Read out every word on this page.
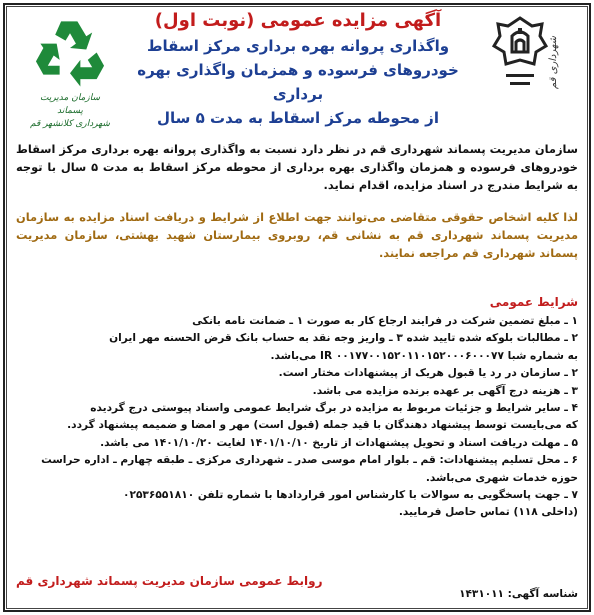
سازمان مدیریت پسماند
شهرداری کلانشهر قم
شهرداری قم
آگهی مزایده عمومی (نوبت اول)
واگذاری پروانه بهره برداری مرکز اسقاط
خودروهای فرسوده و همزمان واگذاری بهره برداری
از محوطه مرکز اسقاط به مدت ۵ سال
سازمان مدیریت پسماند شهرداری قم در نظر دارد نسبت به واگذاری پروانه بهره برداری مرکز اسقاط خودروهای فرسوده و همزمان واگذاری بهره برداری از محوطه مرکز اسقاط به مدت ۵ سال با توجه به شرایط مندرج در اسناد مزایده، اقدام نماید.
لذا کلیه اشخاص حقوقی متقاضی می‌توانند جهت اطلاع از شرایط و دریافت اسناد مزایده به سازمان مدیریت پسماند شهرداری قم به نشانی قم، روبروی بیمارستان شهید بهشتی، سازمان مدیریت پسماند شهرداری قم مراجعه نمایند.
شرایط عمومی
۱ ـ مبلغ تضمین شرکت در فرایند ارجاع کار به صورت ۱ ـ ضمانت نامه بانکی
۲ ـ مطالبات بلوکه شده تایید شده ۳ ـ واریز وجه نقد به حساب بانک قرض الحسنه مهر ایران
به شماره شبا ۰۰۱۷۷۰۰۱۵۲۰۱۱۰۱۵۲۰۰۰۶۰۰۰۷۷ IR می‌باشد.
۲ ـ سازمان در رد یا قبول هریک از پیشنهادات مختار است.
۳ ـ هزینه درج آگهی بر عهده برنده مزایده می باشد.
۴ ـ سایر شرایط و جزئیات مربوط به مزایده در برگ شرایط عمومی واسناد پیوستی درج گردیده
که می‌بایست توسط پیشنهاد دهندگان با قید جمله (قبول است) مهر و امضا و ضمیمه پیشنهاد گردد.
۵ ـ مهلت دریافت اسناد و تحویل پیشنهادات از تاریخ ۱۴۰۱/۱۰/۱۰ لغایت ۱۴۰۱/۱۰/۲۰ می باشد.
۶ ـ محل تسلیم پیشنهادات: قم ـ بلوار امام موسی صدر ـ شهرداری مرکزی ـ طبقه چهارم ـ اداره حراست
حوزه خدمات شهری می‌باشد.
۷ ـ جهت پاسخگویی به سوالات با کارشناس امور قراردادها با شماره تلفن ۰۲۵۳۶۵۵۱۸۱۰
(داخلی ۱۱۸) تماس حاصل فرمایید.
شناسه آگهی: ۱۴۳۱۰۱۱
روابط عمومی سازمان مدیریت پسماند شهرداری قم
